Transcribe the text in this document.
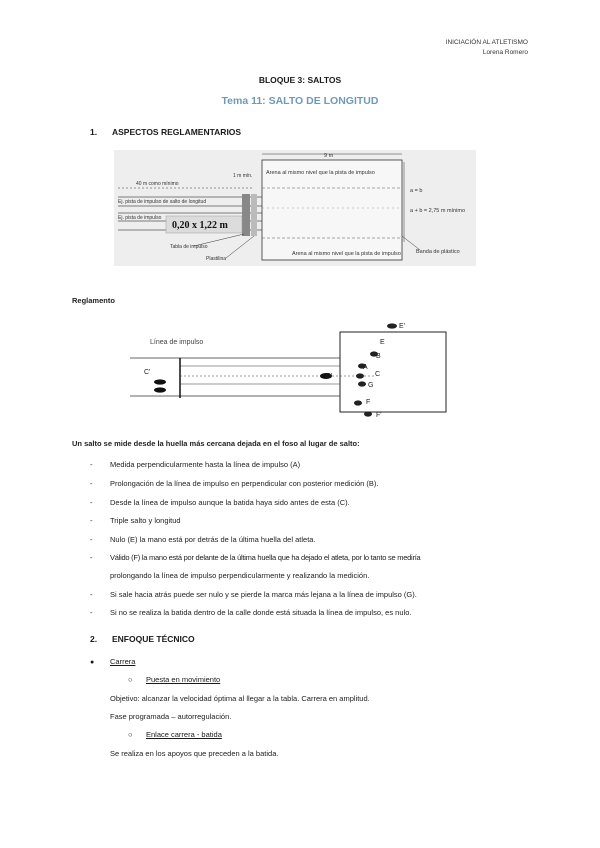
INICIACIÓN AL ATLETISMO
Lorena Romero
BLOQUE 3: SALTOS
Tema 11: SALTO DE LONGITUD
1. ASPECTOS REGLAMENTARIOS
0,20 x 1,22 m
40 m como mínimo
1 m mín.
Ej. pista de impulso de salto de longitud
Ej. pista de impulso
Tabla de impulso
Plastilina
Arena al mismo nivel que la pista de impulso
Arena al mismo nivel que la pista de impulso
9 m
a = b
a + b = 2,75 m mínimo
Banda de plástico
Reglamento
Línea de impulso
E'
E
B
A
C
G
D'
C'
F
F'
Un salto se mide desde la huella más cercana dejada en el foso al lugar de salto:
- Medida perpendicularmente hasta la línea de impulso (A)
- Prolongación de la línea de impulso en perpendicular con posterior medición (B).
- Desde la línea de impulso aunque la batida haya sido antes de esta (C).
- Triple salto y longitud
- Nulo (E) la mano está por detrás de la última huella del atleta.
- Válido (F) la mano está por delante de la última huella que ha dejado el atleta, por lo tanto se mediría
prolongando la línea de impulso perpendicularmente y realizando la medición.
- Si sale hacia atrás puede ser nulo y se pierde la marca más lejana a la línea de impulso (G).
- Si no se realiza la batida dentro de la calle donde está situada la línea de impulso, es nulo.
2. ENFOQUE TÉCNICO
● Carrera
○ Puesta en movimiento
Objetivo: alcanzar la velocidad óptima al llegar a la tabla. Carrera en amplitud.
Fase programada – autorregulación.
○ Enlace carrera - batida
Se realiza en los apoyos que preceden a la batida.
